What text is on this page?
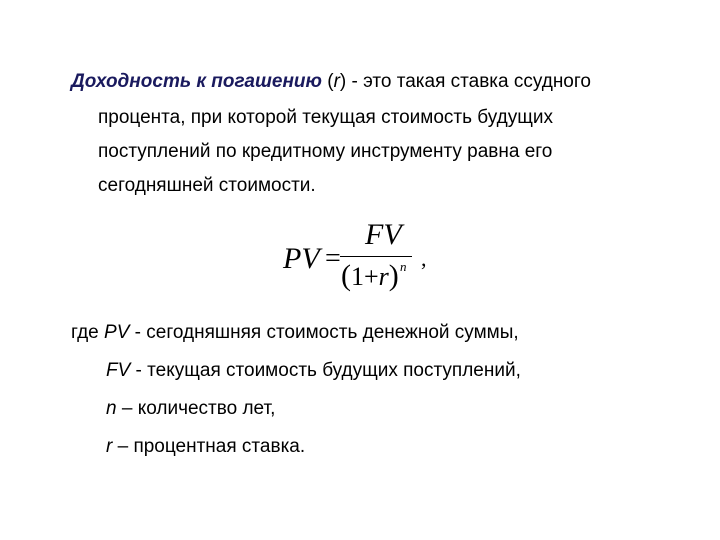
Доходность к погашению (r) - это такая ставка ссудного
процента, при которой текущая стоимость будущих
поступлений по кредитному инструменту равна его
сегодняшней стоимости.
PV =
FV
(1+r) n ,
где PV - сегодняшняя стоимость денежной суммы,
FV - текущая стоимость будущих поступлений,
n – количество лет,
r – процентная ставка.
